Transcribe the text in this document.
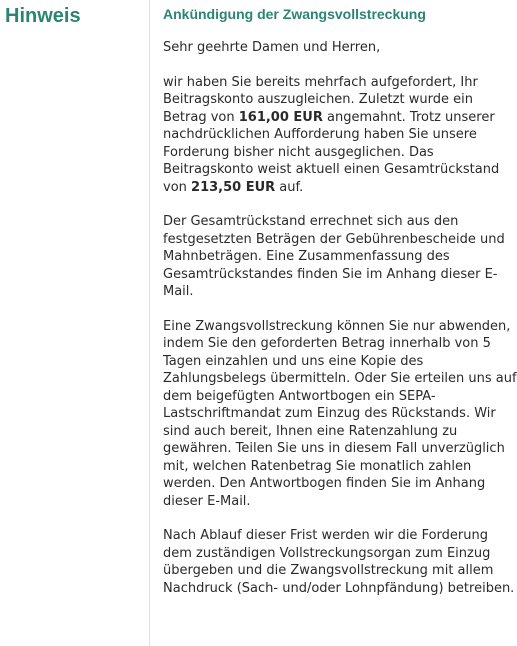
Hinweis	Ankündigung der Zwangsvollstreckung

Sehr geehrte Damen und Herren,

wir haben Sie bereits mehrfach aufgefordert, Ihr Beitragskonto auszugleichen. Zuletzt wurde ein Betrag von 161,00 EUR angemahnt. Trotz unserer nachdrücklichen Aufforderung haben Sie unsere Forderung bisher nicht ausgeglichen. Das Beitragskonto weist aktuell einen Gesamtrückstand von 213,50 EUR auf.

Der Gesamtrückstand errechnet sich aus den festgesetzten Beträgen der Gebührenbescheide und Mahnbeträgen. Eine Zusammenfassung des Gesamtrückstandes finden Sie im Anhang dieser E-Mail.

Eine Zwangsvollstreckung können Sie nur abwenden, indem Sie den geforderten Betrag innerhalb von 5 Tagen einzahlen und uns eine Kopie des Zahlungsbelegs übermitteln. Oder Sie erteilen uns auf dem beigefügten Antwortbogen ein SEPA-Lastschriftmandat zum Einzug des Rückstands. Wir sind auch bereit, Ihnen eine Ratenzahlung zu gewähren. Teilen Sie uns in diesem Fall unverzüglich mit, welchen Ratenbetrag Sie monatlich zahlen werden. Den Antwortbogen finden Sie im Anhang dieser E-Mail.

Nach Ablauf dieser Frist werden wir die Forderung dem zuständigen Vollstreckungsorgan zum Einzug übergeben und die Zwangsvollstreckung mit allem Nachdruck (Sach- und/oder Lohnpfändung) betreiben.
